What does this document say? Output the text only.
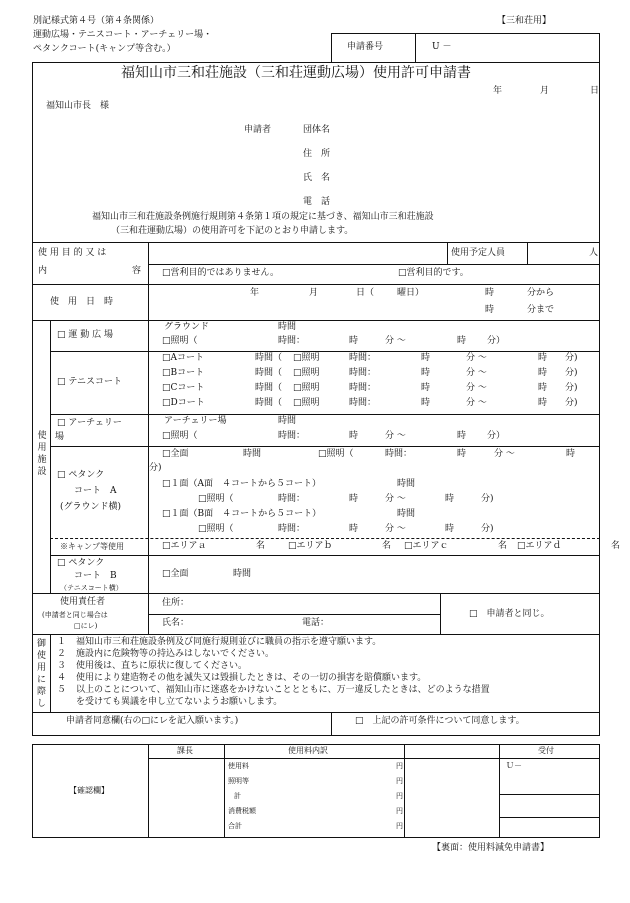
別記様式第４号（第４条関係）
運動広場・テニスコート・アーチェリー場・
ペタンクコート(キャンプ等含む。）
【三和荘用】
申請番号	U －
福知山市三和荘施設（三和荘運動広場）使用許可申請書
年	月	日
福知山市長　様
申請者	団体名
住　所
氏　名
電　話
福知山市三和荘施設条例施行規則第４条第１項の規定に基づき、福知山市三和荘施設
（三和荘運動広場）の使用許可を下記のとおり申請します。
使 用 目 的 又 は
内	容
使用予定人員	人
□ 営利目的ではありません。 □	営利目的です。
使　用　日　時
年	月	日（	曜日）	時	分から
時	分まで
使用施設
□ 運 動 広 場
グラウンド	時間
□ 照明（	時間：	時	分 ～	時 分）
□ テニスコート
□ Aコート	時間（ □	照明	時間：	時	分 ～	時 分)
□ Bコート	時間（ □	照明	時間：	時	分 ～	時 分)
□ Cコート	時間（ □	照明	時間：	時	分 ～	時 分)
□ Dコート	時間（ □	照明	時間：	時	分 ～	時 分)
□ アーチェリー
場
アーチェリー場	時間
□ 照明（	時間：	時	分 ～	時 分）
□ ペタンク
コート　A
(グラウンド横)
□ 全面	時間 □	照明（	時間：	時	分 ～	時
分)
□ １面（A面　４コートから５コート）	時間
□ 照明（	時間：	時	分 ～	時	分)
□ １面（B面　４コートから５コート）	時間
□ 照明（	時間：	時	分 ～	時	分)
※キャンプ等使用 □	エリアａ	名 □	エリアｂ	名 □	エリアｃ	名 □	エリアｄ	名
□ ペタンク
コート　B
（テニスコート横）
□ 全面	時間
使用責任者
(申請者と同じ場合は
□にレ)
住所：
氏名：	電話：
□ 　申請者と同じ。
御
使
用
に
際
し
１ 福知山市三和荘施設条例及び同施行規則並びに職員の指示を遵守願います。
２ 施設内に危険物等の持込みはしないでください。
３ 使用後は、直ちに原状に復してください。
４ 使用により建造物その他を滅失又は毀損したときは、その一切の損害を賠償願います。
５ 以上のことについて、福知山市に迷惑をかけないこととともに、万一違反したときは、どのような措置
を受けても異議を申し立てないようお願いします。
申請者同意欄(右の□にレを記入願います。) □ 　	上記の許可条件について同意します。
【確認欄】
課長	使用料内訳	受付
Ｕ－
使用料	円
照明等	円
計	円
消費税額	円
合計	円
【裏面：使用料減免申請書】
